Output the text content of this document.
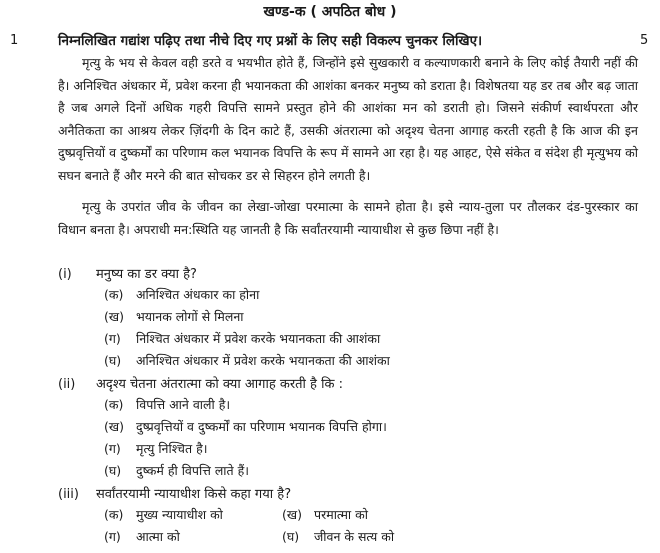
खण्ड-क ( अपठित बोध )
1	निम्नलिखित गद्यांश पढ़िए तथा नीचे दिए गए प्रश्नों के लिए सही विकल्प चुनकर लिखिए।	5
मृत्यु के भय से केवल वही डरते व भयभीत होते हैं, जिन्होंने इसे सुखकारी व कल्याणकारी बनाने के लिए कोई तैयारी नहीं की है। अनिश्चित अंधकार में, प्रवेश करना ही भयानकता की आशंका बनकर मनुष्य को डराता है। विशेषतया यह डर तब और बढ़ जाता है जब अगले दिनों अधिक गहरी विपत्ति सामने प्रस्तुत होने की आशंका मन को डराती हो। जिसने संकीर्ण स्वार्थपरता और अनैतिकता का आश्रय लेकर ज़िंदगी के दिन काटे हैं, उसकी अंतरात्मा को अदृश्य चेतना आगाह करती रहती है कि आज की इन दुष्प्रवृत्तियों व दुष्कर्मों का परिणाम कल भयानक विपत्ति के रूप में सामने आ रहा है। यह आहट, ऐसे संकेत व संदेश ही मृत्युभय को सघन बनाते हैं और मरने की बात सोचकर डर से सिहरन होने लगती है।
मृत्यु के उपरांत जीव के जीवन का लेखा-जोखा परमात्मा के सामने होता है। इसे न्याय-तुला पर तौलकर दंड-पुरस्कार का विधान बनता है। अपराधी मन:स्थिति यह जानती है कि सर्वांतरयामी न्यायाधीश से कुछ छिपा नहीं है।
(i) मनुष्य का डर क्या है?
(क) अनिश्चित अंधकार का होना
(ख) भयानक लोगों से मिलना
(ग) निश्चित अंधकार में प्रवेश करके भयानकता की आशंका
(घ) अनिश्चित अंधकार में प्रवेश करके भयानकता की आशंका
(ii) अदृश्य चेतना अंतरात्मा को क्या आगाह करती है कि :
(क) विपत्ति आने वाली है।
(ख) दुष्प्रवृत्तियों व दुष्कर्मों का परिणाम भयानक विपत्ति होगा।
(ग) मृत्यु निश्चित है।
(घ) दुष्कर्म ही विपत्ति लाते हैं।
(iii) सर्वांतरयामी न्यायाधीश किसे कहा गया है?
(क) मुख्य न्यायाधीश को	(ख) परमात्मा को
(ग) आत्मा को	(घ) जीवन के सत्य को
